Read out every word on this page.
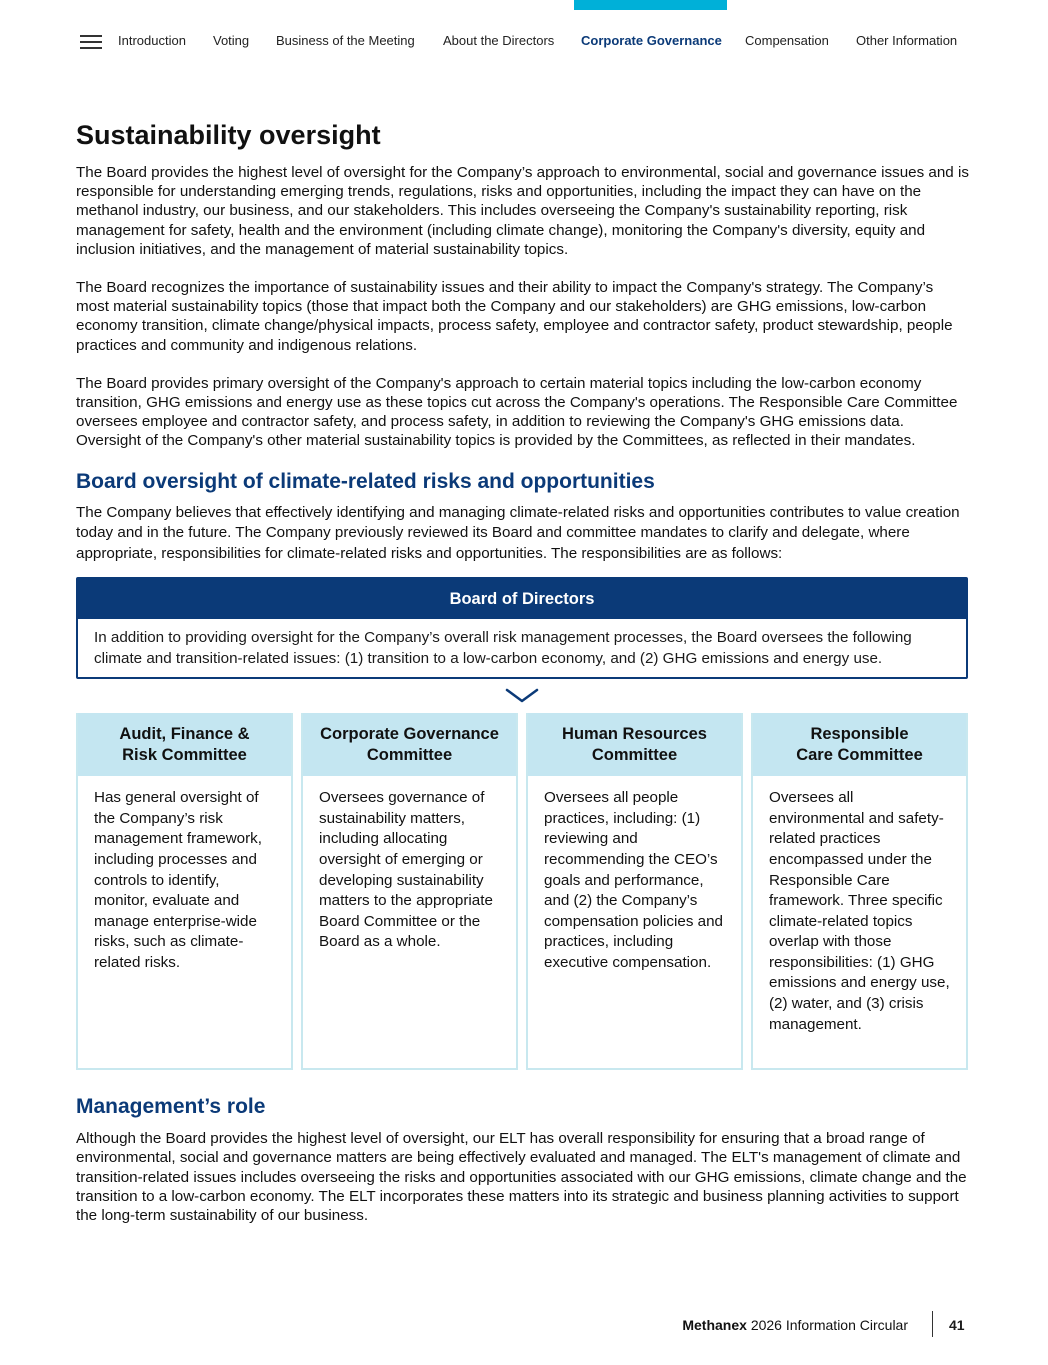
Introduction Voting Business of the Meeting About the Directors Corporate Governance Compensation Other Information
Sustainability oversight

The Board provides the highest level of oversight for the Company’s approach to environmental, social and governance issues and is responsible for understanding emerging trends, regulations, risks and opportunities, including the impact they can have on the methanol industry, our business, and our stakeholders. This includes overseeing the Company's sustainability reporting, risk management for safety, health and the environment (including climate change), monitoring the Company's diversity, equity and inclusion initiatives, and the management of material sustainability topics.

The Board recognizes the importance of sustainability issues and their ability to impact the Company's strategy. The Company’s most material sustainability topics (those that impact both the Company and our stakeholders) are GHG emissions, low-carbon economy transition, climate change/physical impacts, process safety, employee and contractor safety, product stewardship, people practices and community and indigenous relations.

The Board provides primary oversight of the Company's approach to certain material topics including the low-carbon economy transition, GHG emissions and energy use as these topics cut across the Company's operations. The Responsible Care Committee oversees employee and contractor safety, and process safety, in addition to reviewing the Company's GHG emissions data. Oversight of the Company's other material sustainability topics is provided by the Committees, as reflected in their mandates.

Board oversight of climate-related risks and opportunities

The Company believes that effectively identifying and managing climate-related risks and opportunities contributes to value creation today and in the future. The Company previously reviewed its Board and committee mandates to clarify and delegate, where appropriate, responsibilities for climate-related risks and opportunities. The responsibilities are as follows:

Board of Directors
In addition to providing oversight for the Company’s overall risk management processes, the Board oversees the following climate and transition-related issues: (1) transition to a low-carbon economy, and (2) GHG emissions and energy use.
Audit, Finance &
Risk Committee
Has general oversight of the Company’s risk management framework, including processes and controls to identify, monitor, evaluate and manage enterprise-wide risks, such as climate-related risks.
Corporate Governance
Committee
Oversees governance of sustainability matters, including allocating oversight of emerging or developing sustainability matters to the appropriate Board Committee or the Board as a whole.
Human Resources
Committee
Oversees all people practices, including: (1) reviewing and recommending the CEO’s goals and performance, and (2) the Company’s compensation policies and practices, including executive compensation.
Responsible
Care Committee
Oversees all environmental and safety-related practices encompassed under the Responsible Care framework. Three specific climate-related topics overlap with those responsibilities: (1) GHG emissions and energy use, (2) water, and (3) crisis management.
Management’s role

Although the Board provides the highest level of oversight, our ELT has overall responsibility for ensuring that a broad range of environmental, social and governance matters are being effectively evaluated and managed. The ELT's management of climate and transition-related issues includes overseeing the risks and opportunities associated with our GHG emissions, climate change and the transition to a low-carbon economy. The ELT incorporates these matters into its strategic and business planning activities to support the long-term sustainability of our business.

Methanex 2026 Information Circular	41
